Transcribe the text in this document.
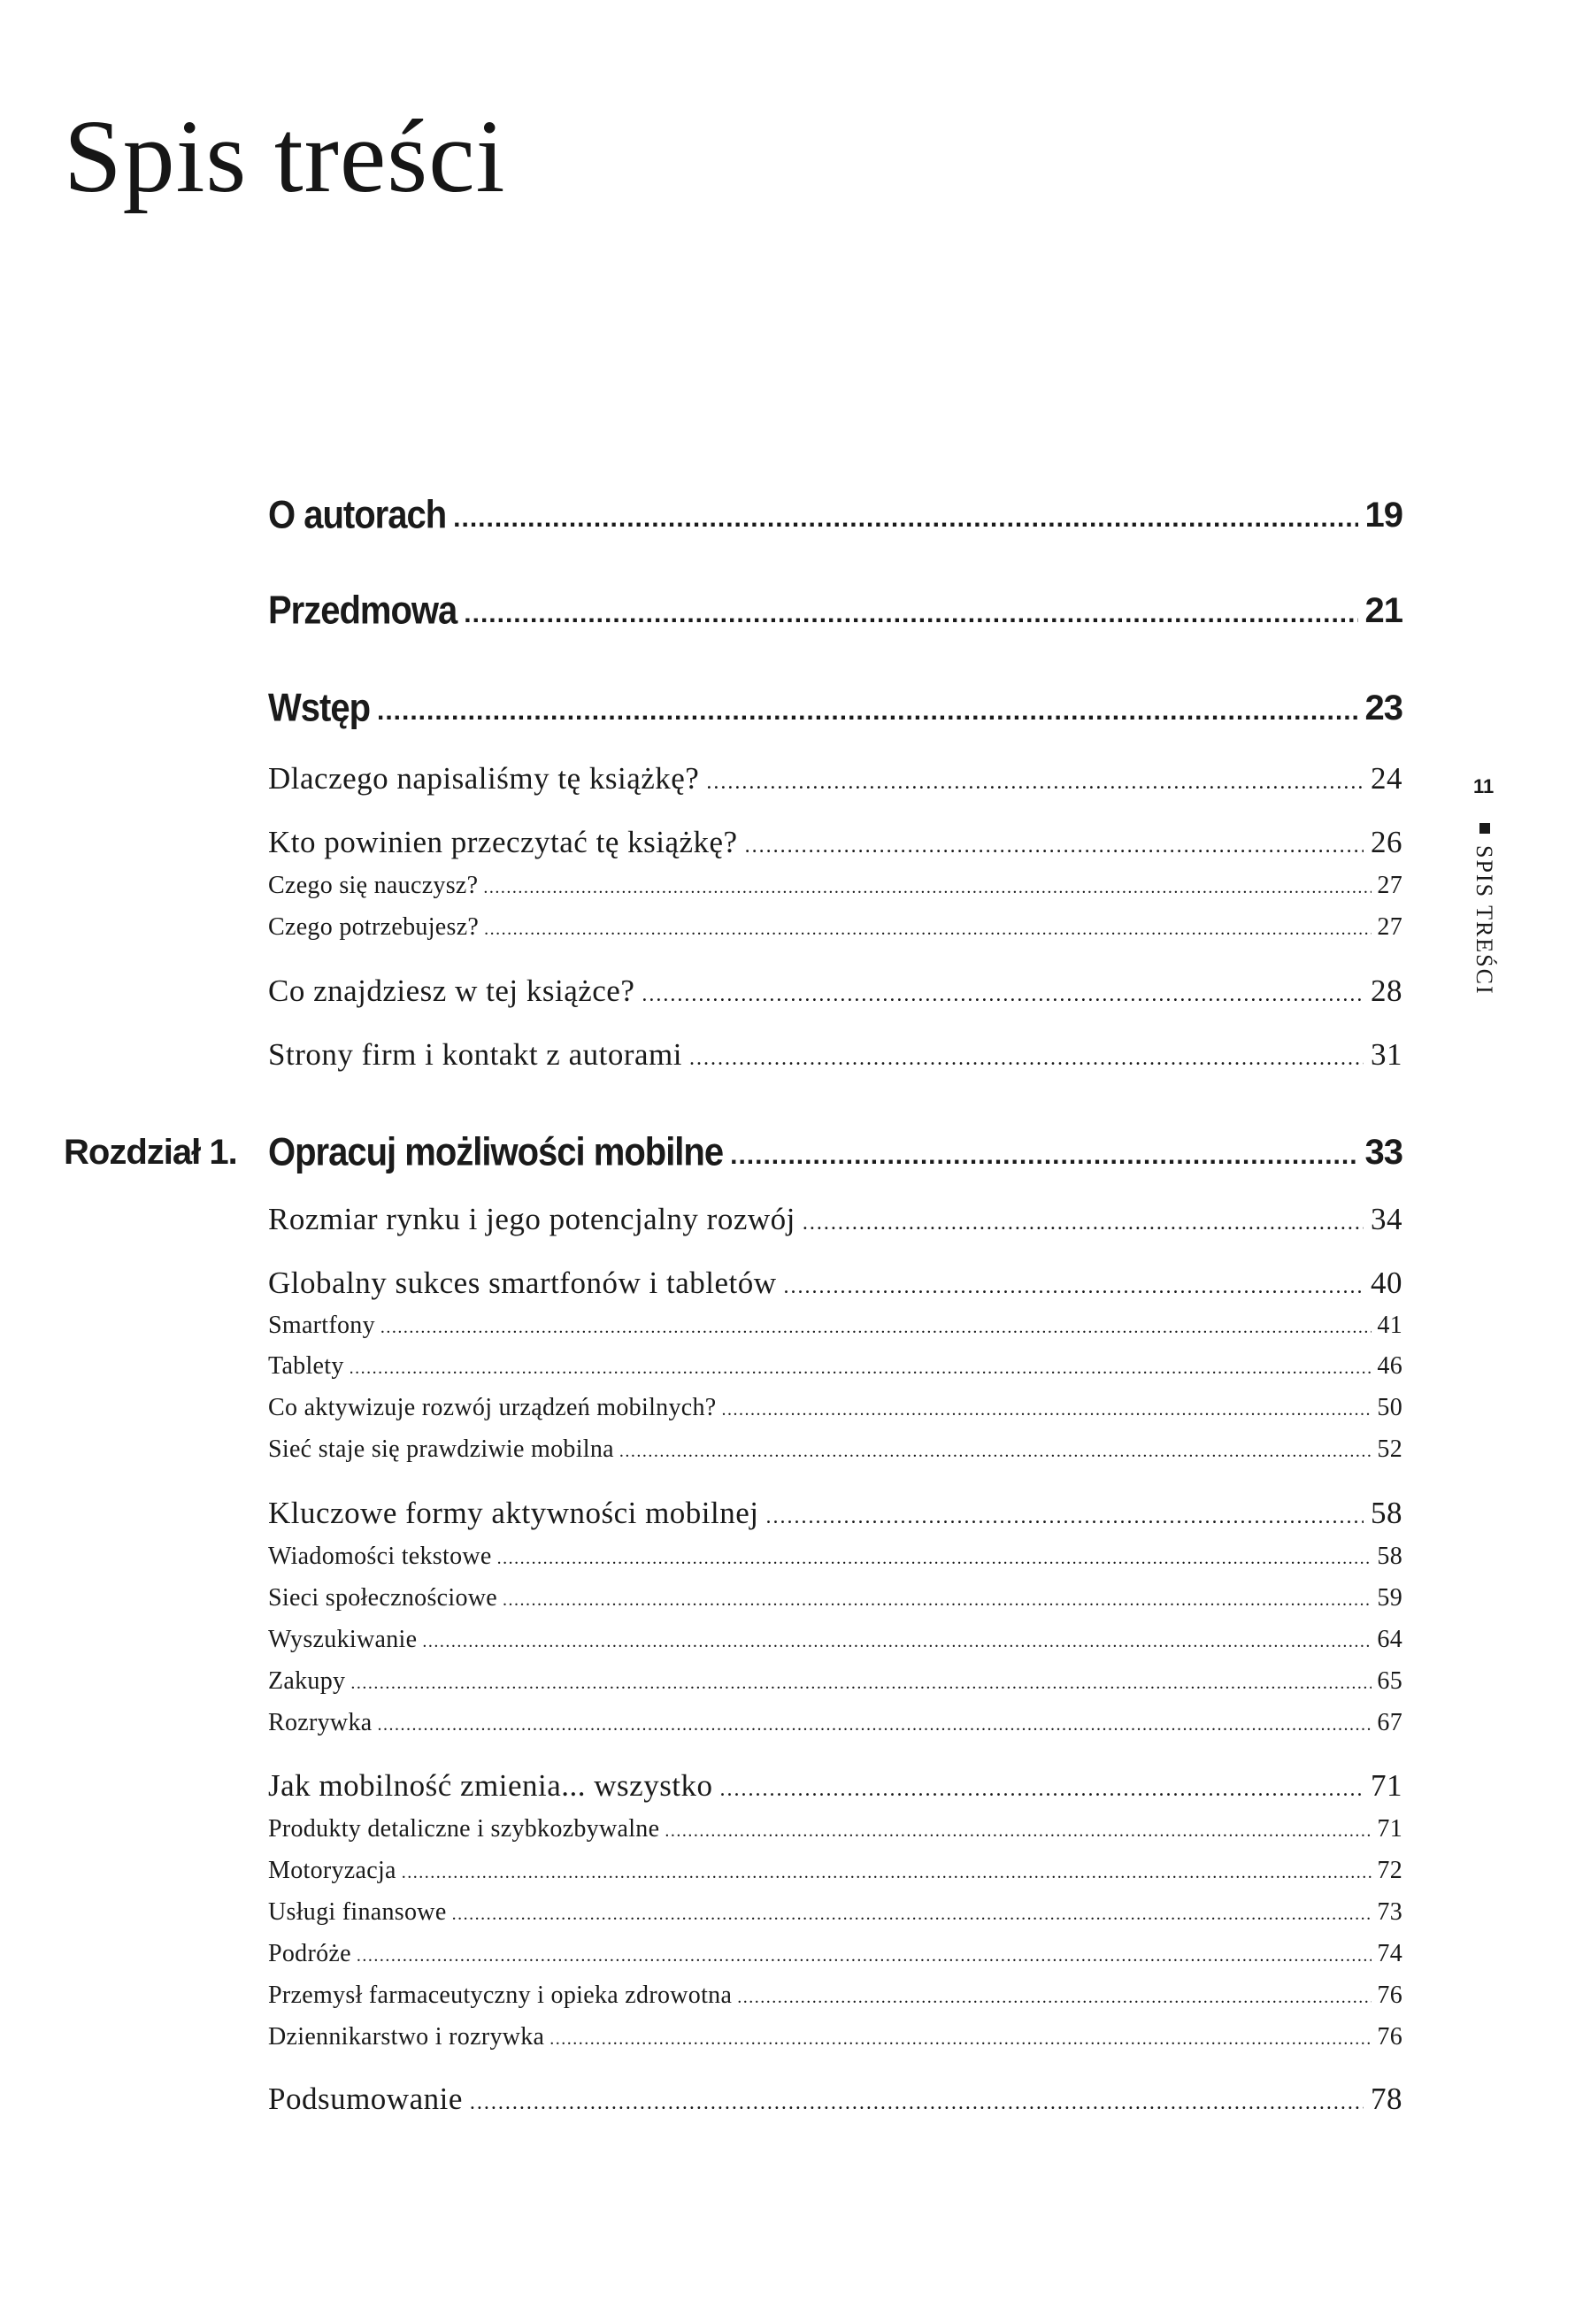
Spis treści
O autorach .....	19
Przedmowa .....	21
Wstęp .....	23
Dlaczego napisaliśmy tę książkę? .....	24
Kto powinien przeczytać tę książkę? .....	26
Czego się nauczysz? .....	27
Czego potrzebujesz? .....	27
Co znajdziesz w tej książce? .....	28
Strony firm i kontakt z autorami .....	31
Rozdział 1. Opracuj możliwości mobilne .....	33
Rozmiar rynku i jego potencjalny rozwój .....	34
Globalny sukces smartfonów i tabletów .....	40
Smartfony .....	41
Tablety .....	46
Co aktywizuje rozwój urządzeń mobilnych? .....	50
Sieć staje się prawdziwie mobilna .....	52
Kluczowe formy aktywności mobilnej .....	58
Wiadomości tekstowe .....	58
Sieci społecznościowe .....	59
Wyszukiwanie .....	64
Zakupy .....	65
Rozrywka .....	67
Jak mobilność zmienia... wszystko .....	71
Produkty detaliczne i szybkozbywalne .....	71
Motoryzacja .....	72
Usługi finansowe .....	73
Podróże .....	74
Przemysł farmaceutyczny i opieka zdrowotna .....	76
Dziennikarstwo i rozrywka .....	76
Podsumowanie .....	78
11
SPIS TREŚCI
